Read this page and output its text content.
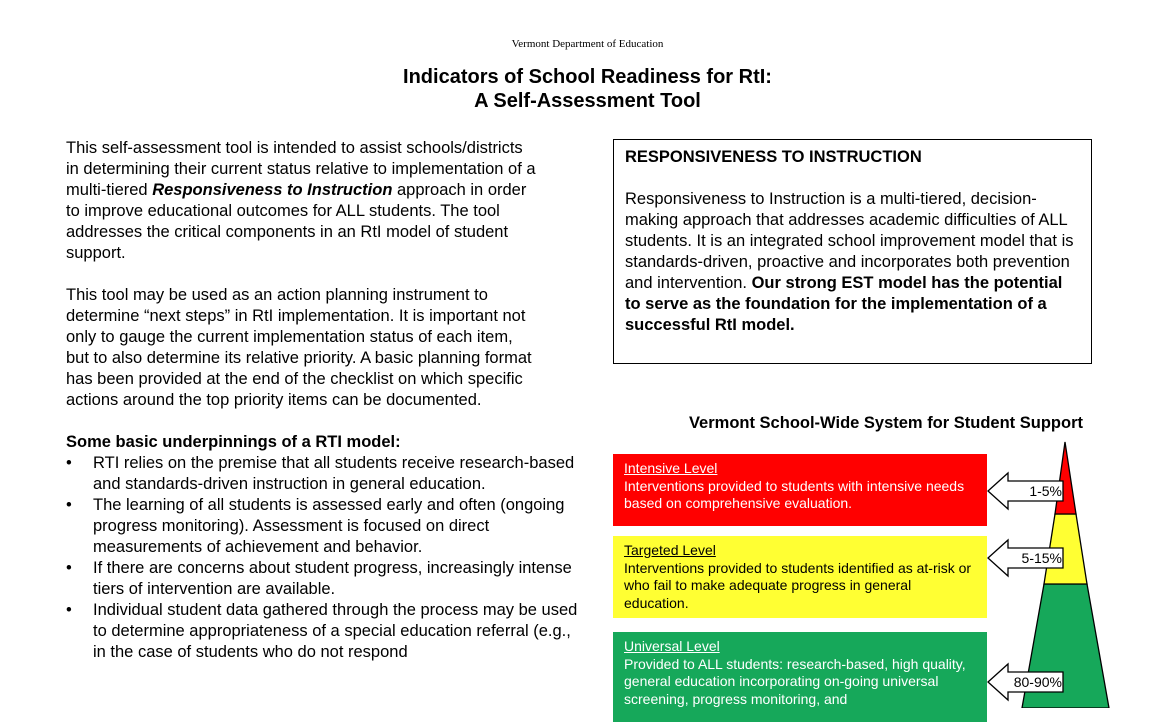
Vermont Department of Education
Indicators of School Readiness for RtI:
A Self-Assessment Tool

This self-assessment tool is intended to assist schools/districts in determining their current status relative to implementation of a multi-tiered Responsiveness to Instruction approach in order to improve educational outcomes for ALL students. The tool addresses the critical components in an RtI model of student support.

This tool may be used as an action planning instrument to determine “next steps” in RtI implementation. It is important not only to gauge the current implementation status of each item, but to also determine its relative priority. A basic planning format has been provided at the end of the checklist on which specific actions around the top priority items can be documented.

Some basic underpinnings of a RTI model:

• RTI relies on the premise that all students receive research-based and standards-driven instruction in general education.
• The learning of all students is assessed early and often (ongoing progress monitoring). Assessment is focused on direct measurements of achievement and behavior.
• If there are concerns about student progress, increasingly intense tiers of intervention are available.
• Individual student data gathered through the process may be used to determine appropriateness of a special education referral (e.g., in the case of students who do not respond
RESPONSIVENESS TO INSTRUCTION
Responsiveness to Instruction is a multi-tiered, decision-making approach that addresses academic difficulties of ALL students. It is an integrated school improvement model that is standards-driven, proactive and incorporates both prevention and intervention. Our strong EST model has the potential to serve as the foundation for the implementation of a successful RtI model.
Vermont School-Wide System for Student Support
Intensive Level
Interventions provided to students with intensive needs based on comprehensive evaluation.
Targeted Level
Interventions provided to students identified as at-risk or who fail to make adequate progress in general education.
Universal Level
Provided to ALL students: research-based, high quality, general education incorporating on-going universal screening, progress monitoring, and
1-5%
5-15%
80-90%
